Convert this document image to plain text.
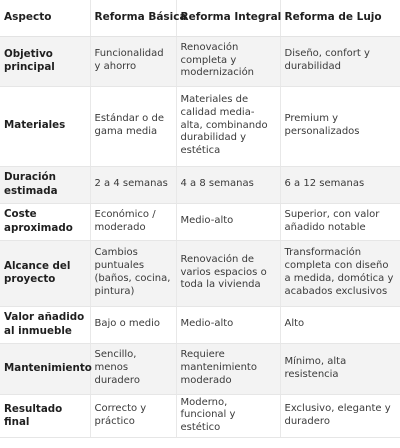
Aspecto	Reforma Básica	Reforma Integral	Reforma de Lujo
Objetivo principal	Funcionalidad y ahorro	Renovación completa y modernización	Diseño, confort y durabilidad
Materiales	Estándar o de gama media	Materiales de calidad media-alta, combinando durabilidad y estética	Premium y personalizados
Duración estimada	2 a 4 semanas	4 a 8 semanas	6 a 12 semanas
Coste aproximado	Económico / moderado	Medio-alto	Superior, con valor añadido notable
Alcance del proyecto	Cambios puntuales (baños, cocina, pintura)	Renovación de varios espacios o toda la vivienda	Transformación completa con diseño a medida, domótica y acabados exclusivos
Valor añadido al inmueble	Bajo o medio	Medio-alto	Alto
Mantenimiento	Sencillo, menos duradero	Requiere mantenimiento moderado	Mínimo, alta resistencia
Resultado final	Correcto y práctico	Moderno, funcional y estético	Exclusivo, elegante y duradero
